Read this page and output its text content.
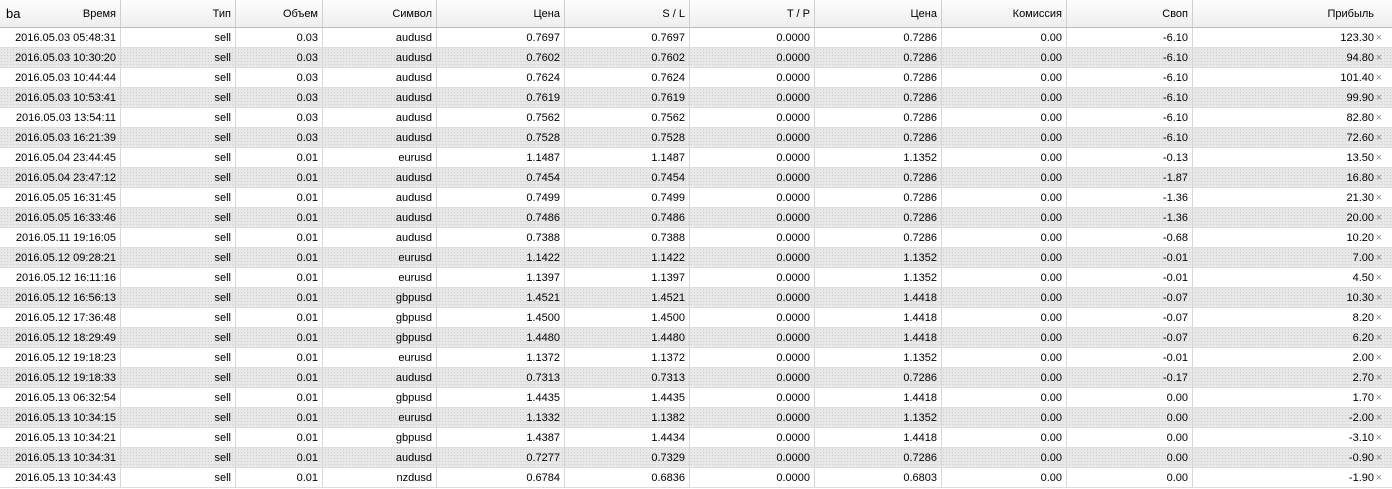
ba	Время	Тип	Объем	Символ	Цена	S / L	T / P	Цена	Комиссия	Своп	Прибыль
2016.05.03 05:48:31	sell	0.03	audusd	0.7697	0.7697	0.0000	0.7286	0.00	-6.10	123.30 ×
2016.05.03 10:30:20	sell	0.03	audusd	0.7602	0.7602	0.0000	0.7286	0.00	-6.10	94.80 ×
2016.05.03 10:44:44	sell	0.03	audusd	0.7624	0.7624	0.0000	0.7286	0.00	-6.10	101.40 ×
2016.05.03 10:53:41	sell	0.03	audusd	0.7619	0.7619	0.0000	0.7286	0.00	-6.10	99.90 ×
2016.05.03 13:54:11	sell	0.03	audusd	0.7562	0.7562	0.0000	0.7286	0.00	-6.10	82.80 ×
2016.05.03 16:21:39	sell	0.03	audusd	0.7528	0.7528	0.0000	0.7286	0.00	-6.10	72.60 ×
2016.05.04 23:44:45	sell	0.01	eurusd	1.1487	1.1487	0.0000	1.1352	0.00	-0.13	13.50 ×
2016.05.04 23:47:12	sell	0.01	audusd	0.7454	0.7454	0.0000	0.7286	0.00	-1.87	16.80 ×
2016.05.05 16:31:45	sell	0.01	audusd	0.7499	0.7499	0.0000	0.7286	0.00	-1.36	21.30 ×
2016.05.05 16:33:46	sell	0.01	audusd	0.7486	0.7486	0.0000	0.7286	0.00	-1.36	20.00 ×
2016.05.11 19:16:05	sell	0.01	audusd	0.7388	0.7388	0.0000	0.7286	0.00	-0.68	10.20 ×
2016.05.12 09:28:21	sell	0.01	eurusd	1.1422	1.1422	0.0000	1.1352	0.00	-0.01	7.00 ×
2016.05.12 16:11:16	sell	0.01	eurusd	1.1397	1.1397	0.0000	1.1352	0.00	-0.01	4.50 ×
2016.05.12 16:56:13	sell	0.01	gbpusd	1.4521	1.4521	0.0000	1.4418	0.00	-0.07	10.30 ×
2016.05.12 17:36:48	sell	0.01	gbpusd	1.4500	1.4500	0.0000	1.4418	0.00	-0.07	8.20 ×
2016.05.12 18:29:49	sell	0.01	gbpusd	1.4480	1.4480	0.0000	1.4418	0.00	-0.07	6.20 ×
2016.05.12 19:18:23	sell	0.01	eurusd	1.1372	1.1372	0.0000	1.1352	0.00	-0.01	2.00 ×
2016.05.12 19:18:33	sell	0.01	audusd	0.7313	0.7313	0.0000	0.7286	0.00	-0.17	2.70 ×
2016.05.13 06:32:54	sell	0.01	gbpusd	1.4435	1.4435	0.0000	1.4418	0.00	0.00	1.70 ×
2016.05.13 10:34:15	sell	0.01	eurusd	1.1332	1.1382	0.0000	1.1352	0.00	0.00	-2.00 ×
2016.05.13 10:34:21	sell	0.01	gbpusd	1.4387	1.4434	0.0000	1.4418	0.00	0.00	-3.10 ×
2016.05.13 10:34:31	sell	0.01	audusd	0.7277	0.7329	0.0000	0.7286	0.00	0.00	-0.90 ×
2016.05.13 10:34:43	sell	0.01	nzdusd	0.6784	0.6836	0.0000	0.6803	0.00	0.00	-1.90 ×
